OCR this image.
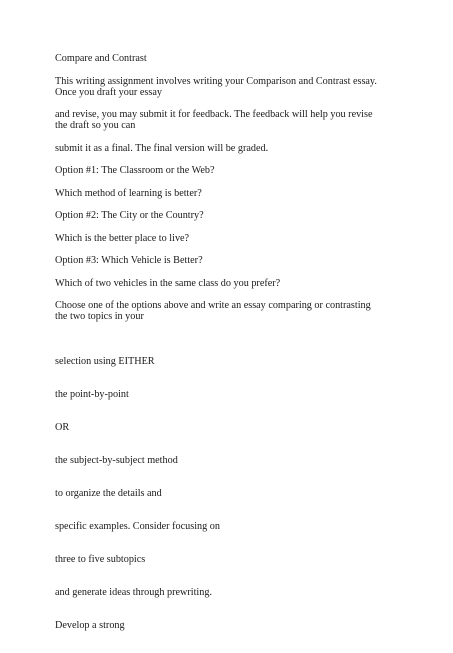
Compare and Contrast

This writing assignment involves writing your Comparison and Contrast essay. Once you draft your essay

and revise, you may submit it for feedback. The feedback will help you revise the draft so you can

submit it as a final. The final version will be graded.

Option #1: The Classroom or the Web?

Which method of learning is better?

Option #2: The City or the Country?

Which is the better place to live?

Option #3: Which Vehicle is Better?

Which of two vehicles in the same class do you prefer?

Choose one of the options above and write an essay comparing or contrasting the two topics in your

selection using EITHER

the point-by-point

OR

the subject-by-subject method

to organize the details and

specific examples. Consider focusing on

three to five subtopics

and generate ideas through prewriting.

Develop a strong
